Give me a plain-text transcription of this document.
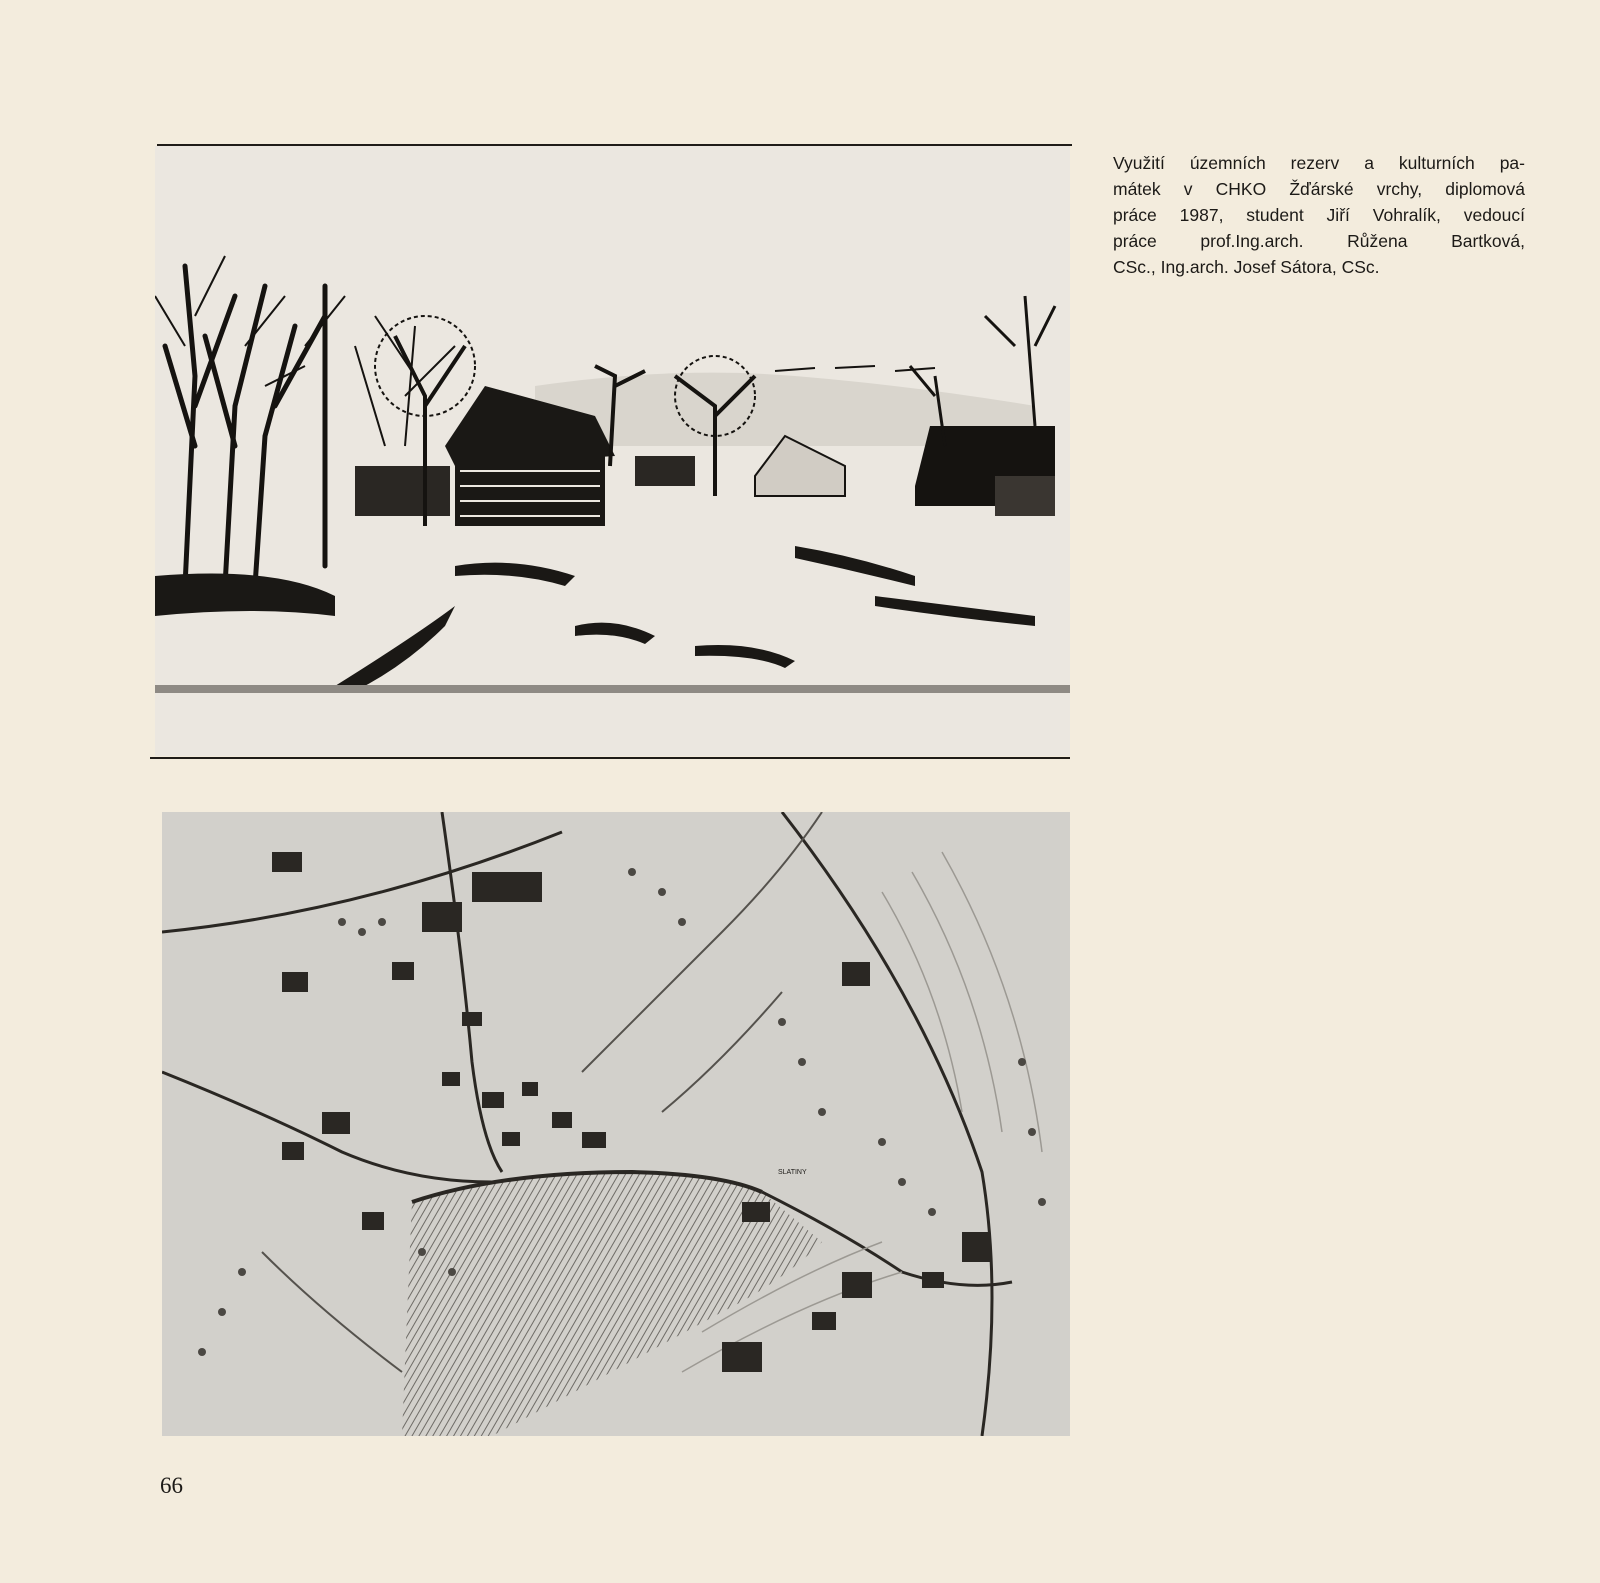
SLATINY
Využití územních rezerv a kulturních pa-
mátek v CHKO Žďárské vrchy, diplomová
práce 1987, student Jiří Vohralík, vedoucí
práce prof.Ing.arch. Růžena Bartková,
CSc., Ing.arch. Josef Sátora, CSc.
66
